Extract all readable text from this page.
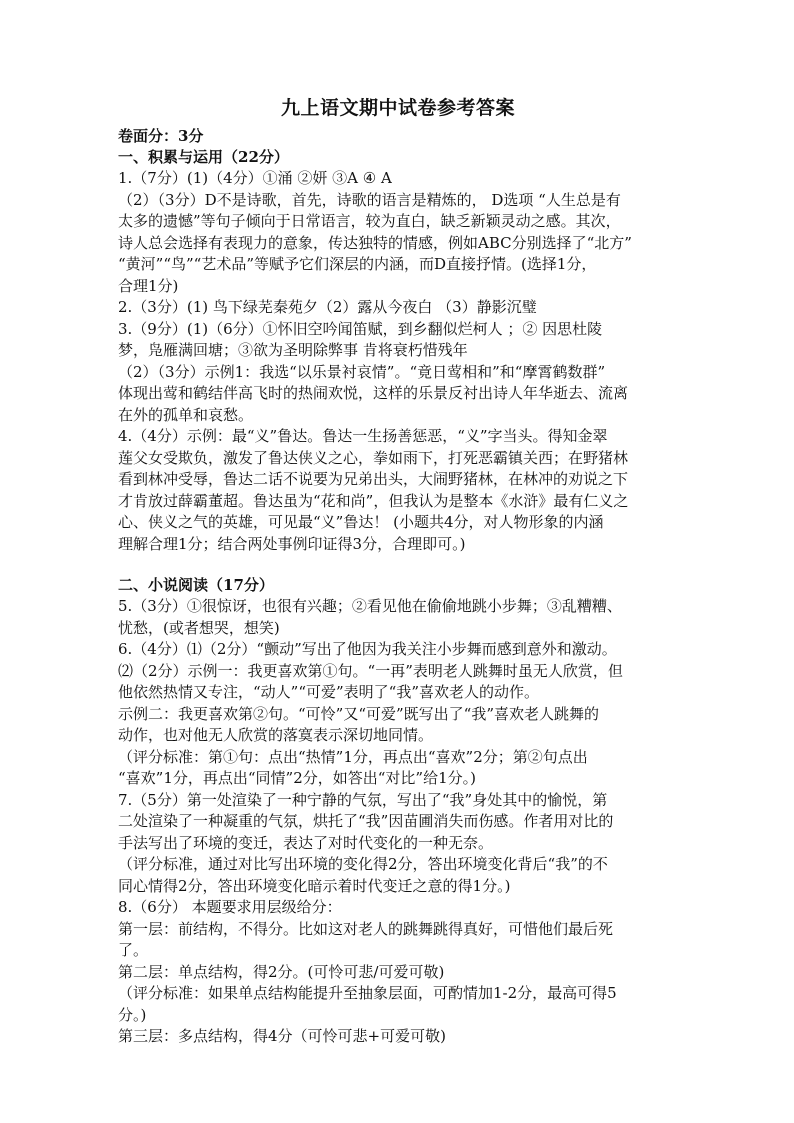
九上语文期中试卷参考答案
卷面分：3分
一、积累与运用（22分）
1.（7分）(1)（4分）①涌 ②妍 ③A ④ A
（2）（3分）D不是诗歌，首先，诗歌的语言是精炼的， D选项 “人生总是有
太多的遗憾”等句子倾向于日常语言，较为直白，缺乏新颖灵动之感。其次，
诗人总会选择有表现力的意象，传达独特的情感，例如ABC分别选择了“北方”
“黄河”“鸟”“艺术品”等赋予它们深层的内涵，而D直接抒情。(选择1分，
合理1分)
2.（3分）(1) 鸟下绿芜秦苑夕（2）露从今夜白 （3）静影沉璧
3.（9分）(1)（6分）①怀旧空吟闻笛赋，到乡翻似烂柯人 ；② 因思杜陵
梦，凫雁满回塘；③欲为圣明除弊事 肯将衰朽惜残年
（2）（3分）示例1：我选“以乐景衬哀情”。“竟日莺相和”和“摩霄鹤数群”
体现出莺和鹤结伴高飞时的热闹欢悦，这样的乐景反衬出诗人年华逝去、流离
在外的孤单和哀愁。
4.（4分）示例：最“义”鲁达。鲁达一生扬善惩恶，“义”字当头。得知金翠
莲父女受欺负，激发了鲁达侠义之心，拳如雨下，打死恶霸镇关西；在野猪林
看到林冲受辱，鲁达二话不说要为兄弟出头，大闹野猪林，在林冲的劝说之下
才肯放过薛霸董超。鲁达虽为“花和尚”，但我认为是整本《水浒》最有仁义之
心、侠义之气的英雄，可见最“义”鲁达！ (小题共4分，对人物形象的内涵
理解合理1分；结合两处事例印证得3分，合理即可。)
二、小说阅读（17分）
5.（3分）①很惊讶，也很有兴趣；②看见他在偷偷地跳小步舞；③乱糟糟、
忧愁，(或者想哭，想笑)
6.（4分）⑴（2分）“颤动”写出了他因为我关注小步舞而感到意外和激动。
⑵（2分）示例一：我更喜欢第①句。“一再”表明老人跳舞时虽无人欣赏，但
他依然热情又专注，“动人”“可爱”表明了“我”喜欢老人的动作。
示例二：我更喜欢第②句。“可怜”又“可爱”既写出了“我”喜欢老人跳舞的
动作，也对他无人欣赏的落寞表示深切地同情。
（评分标准：第①句：点出“热情”1分，再点出“喜欢”2分；第②句点出
“喜欢”1分，再点出“同情”2分，如答出“对比”给1分。)
7.（5分）第一处渲染了一种宁静的气氛，写出了“我”身处其中的愉悦，第
二处渲染了一种凝重的气氛，烘托了“我”因苗圃消失而伤感。作者用对比的
手法写出了环境的变迁，表达了对时代变化的一种无奈。
（评分标准，通过对比写出环境的变化得2分，答出环境变化背后“我”的不
同心情得2分，答出环境变化暗示着时代变迁之意的得1分。)
8.（6分） 本题要求用层级给分：
第一层：前结构，不得分。比如这对老人的跳舞跳得真好，可惜他们最后死
了。
第二层：单点结构，得2分。(可怜可悲/可爱可敬)
（评分标准：如果单点结构能提升至抽象层面，可酌情加1-2分，最高可得5
分。)
第三层：多点结构，得4分（可怜可悲+可爱可敬)
